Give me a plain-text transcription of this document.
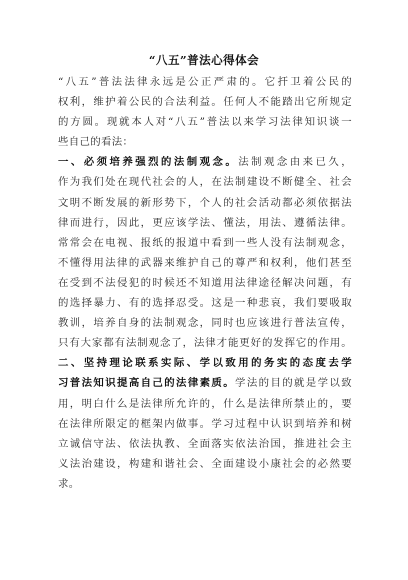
“八五”普法心得体会
“八五”普法法律永远是公正严肃的。它扞卫着公民的
权利，维护着公民的合法利益。任何人不能踏出它所规定
的方圆。现就本人对“八五”普法以来学习法律知识谈一
些自己的看法：
一、必须培养强烈的法制观念。法制观念由来已久，
作为我们处在现代社会的人，在法制建设不断健全、社会
文明不断发展的新形势下，个人的社会活动都必须依据法
律而进行，因此，更应该学法、懂法，用法、遵循法律。
常常会在电视、报纸的报道中看到一些人没有法制观念，
不懂得用法律的武器来维护自己的尊严和权利，他们甚至
在受到不法侵犯的时候还不知道用法律途径解决问题，有
的选择暴力、有的选择忍受。这是一种悲哀，我们要吸取
教训，培养自身的法制观念，同时也应该进行普法宣传，
只有大家都有法制观念了，法律才能更好的发挥它的作用。
二、坚持理论联系实际、学以致用的务实的态度去学
习普法知识提高自己的法律素质。学法的目的就是学以致
用，明白什么是法律所允许的，什么是法律所禁止的，要
在法律所限定的框架内做事。学习过程中认识到培养和树
立诚信守法、依法执教、全面落实依法治国，推进社会主
义法治建设，构建和谐社会、全面建设小康社会的必然要
求。
